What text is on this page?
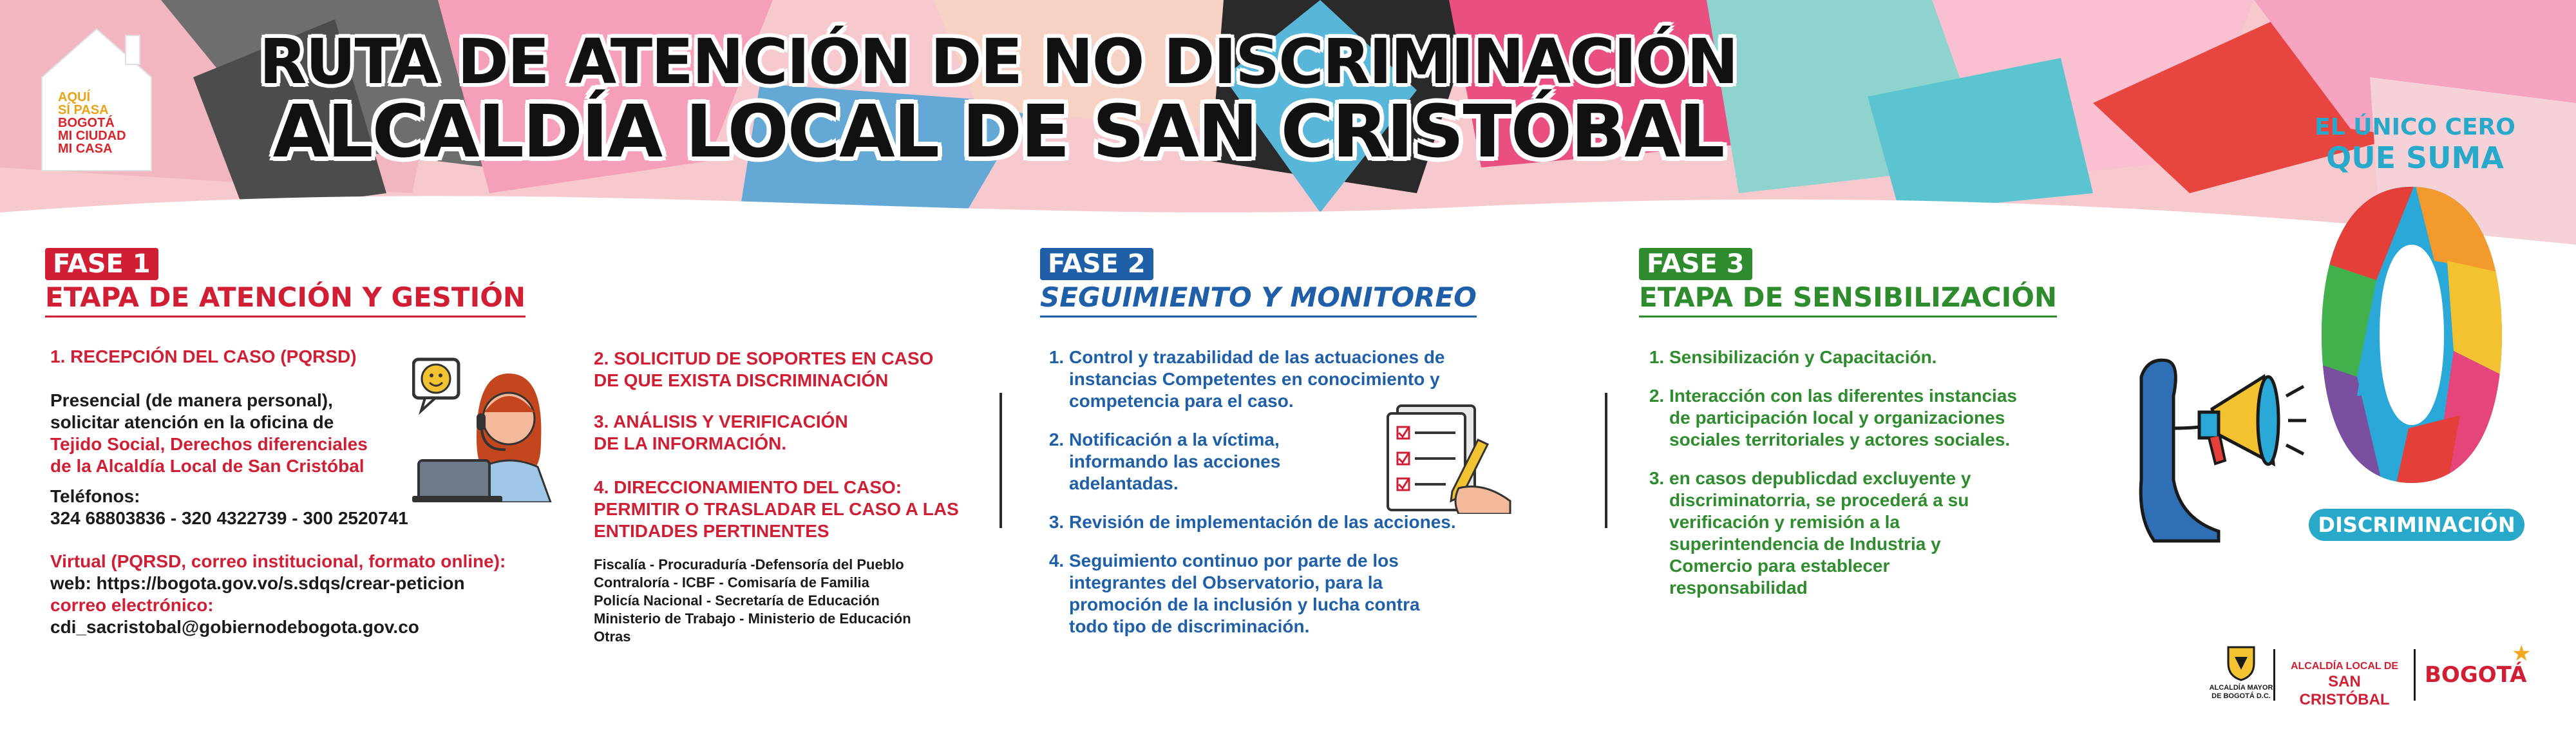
AQUÍ
SÍ PASA
BOGOTÁ
MI CIUDAD
MI CASA
RUTA DE ATENCIÓN DE NO DISCRIMINACIÓN
ALCALDÍA LOCAL DE SAN CRISTÓBAL
FASE 1
ETAPA DE ATENCIÓN Y GESTIÓN
1. RECEPCIÓN DEL CASO (PQRSD)
Presencial (de manera personal),
solicitar atención en la oficina de
Tejido Social, Derechos diferenciales
de la Alcaldía Local de San Cristóbal
Teléfonos:
324 68803836 - 320 4322739 - 300 2520741
Virtual (PQRSD, correo institucional, formato online):
web: https://bogota.gov.vo/s.sdqs/crear-peticion
correo electrónico:
cdi_sacristobal@gobiernodebogota.gov.co
2. SOLICITUD DE SOPORTES EN CASO
DE QUE EXISTA DISCRIMINACIÓN
3. ANÁLISIS Y VERIFICACIÓN
DE LA INFORMACIÓN.
4. DIRECCIONAMIENTO DEL CASO:
PERMITIR O TRASLADAR EL CASO A LAS
ENTIDADES PERTINENTES
Fiscalía - Procuraduría -Defensoría del Pueblo
Contraloría - ICBF - Comisaría de Familia
Policía Nacional - Secretaría de Educación
Ministerio de Trabajo - Ministerio de Educación
Otras
FASE 2
SEGUIMIENTO Y MONITOREO
1. Control y trazabilidad de las actuaciones de
instancias Competentes en conocimiento y
competencia para el caso.
2. Notificación a la víctima,
informando las acciones
adelantadas.
3. Revisión de implementación de las acciones.
4. Seguimiento continuo por parte de los
integrantes del Observatorio, para la
promoción de la inclusión y lucha contra
todo tipo de discriminación.
FASE 3
ETAPA DE SENSIBILIZACIÓN
1. Sensibilización y Capacitación.
2. Interacción con las diferentes instancias
de participación local y organizaciones
sociales territoriales y actores sociales.
3. en casos depublicdad excluyente y
discriminatorria, se procederá a su
verificación y remisión a la
superintendencia de Industria y
Comercio para establecer
responsabilidad
EL ÚNICO CERO
QUE SUMA
DISCRIMINACIÓN
ALCALDÍA MAYOR
DE BOGOTÁ D.C.
ALCALDÍA LOCAL DE
SAN CRISTÓBAL
BOGOTÁ
★
